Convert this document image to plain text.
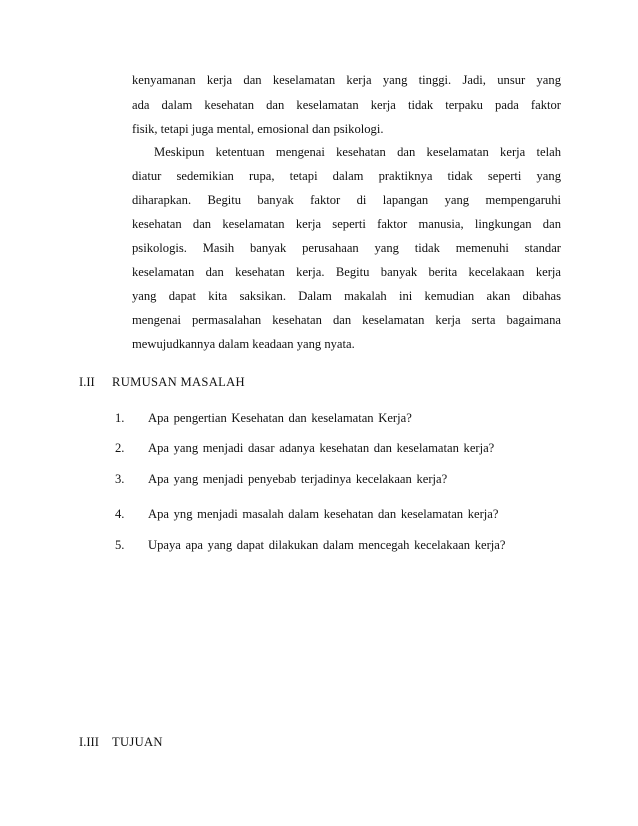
kenyamanan kerja dan keselamatan kerja yang tinggi. Jadi, unsur yang
ada dalam kesehatan dan keselamatan kerja tidak terpaku pada faktor
fisik, tetapi juga mental, emosional dan psikologi.
Meskipun ketentuan mengenai kesehatan dan keselamatan kerja telah
diatur sedemikian rupa, tetapi dalam praktiknya tidak seperti yang
diharapkan. Begitu banyak faktor di lapangan yang mempengaruhi
kesehatan dan keselamatan kerja seperti faktor manusia, lingkungan dan
psikologis. Masih banyak perusahaan yang tidak memenuhi standar
keselamatan dan kesehatan kerja. Begitu banyak berita kecelakaan kerja
yang dapat kita saksikan. Dalam makalah ini kemudian akan dibahas
mengenai permasalahan kesehatan dan keselamatan kerja serta bagaimana
mewujudkannya dalam keadaan yang nyata.
I.II RUMUSAN MASALAH
1. Apa pengertian Kesehatan dan keselamatan Kerja?
2. Apa yang menjadi dasar adanya kesehatan dan keselamatan kerja?
3. Apa yang menjadi penyebab terjadinya kecelakaan kerja?
4. Apa yng menjadi masalah dalam kesehatan dan keselamatan kerja?
5. Upaya apa yang dapat dilakukan dalam mencegah kecelakaan kerja?
I.III TUJUAN
